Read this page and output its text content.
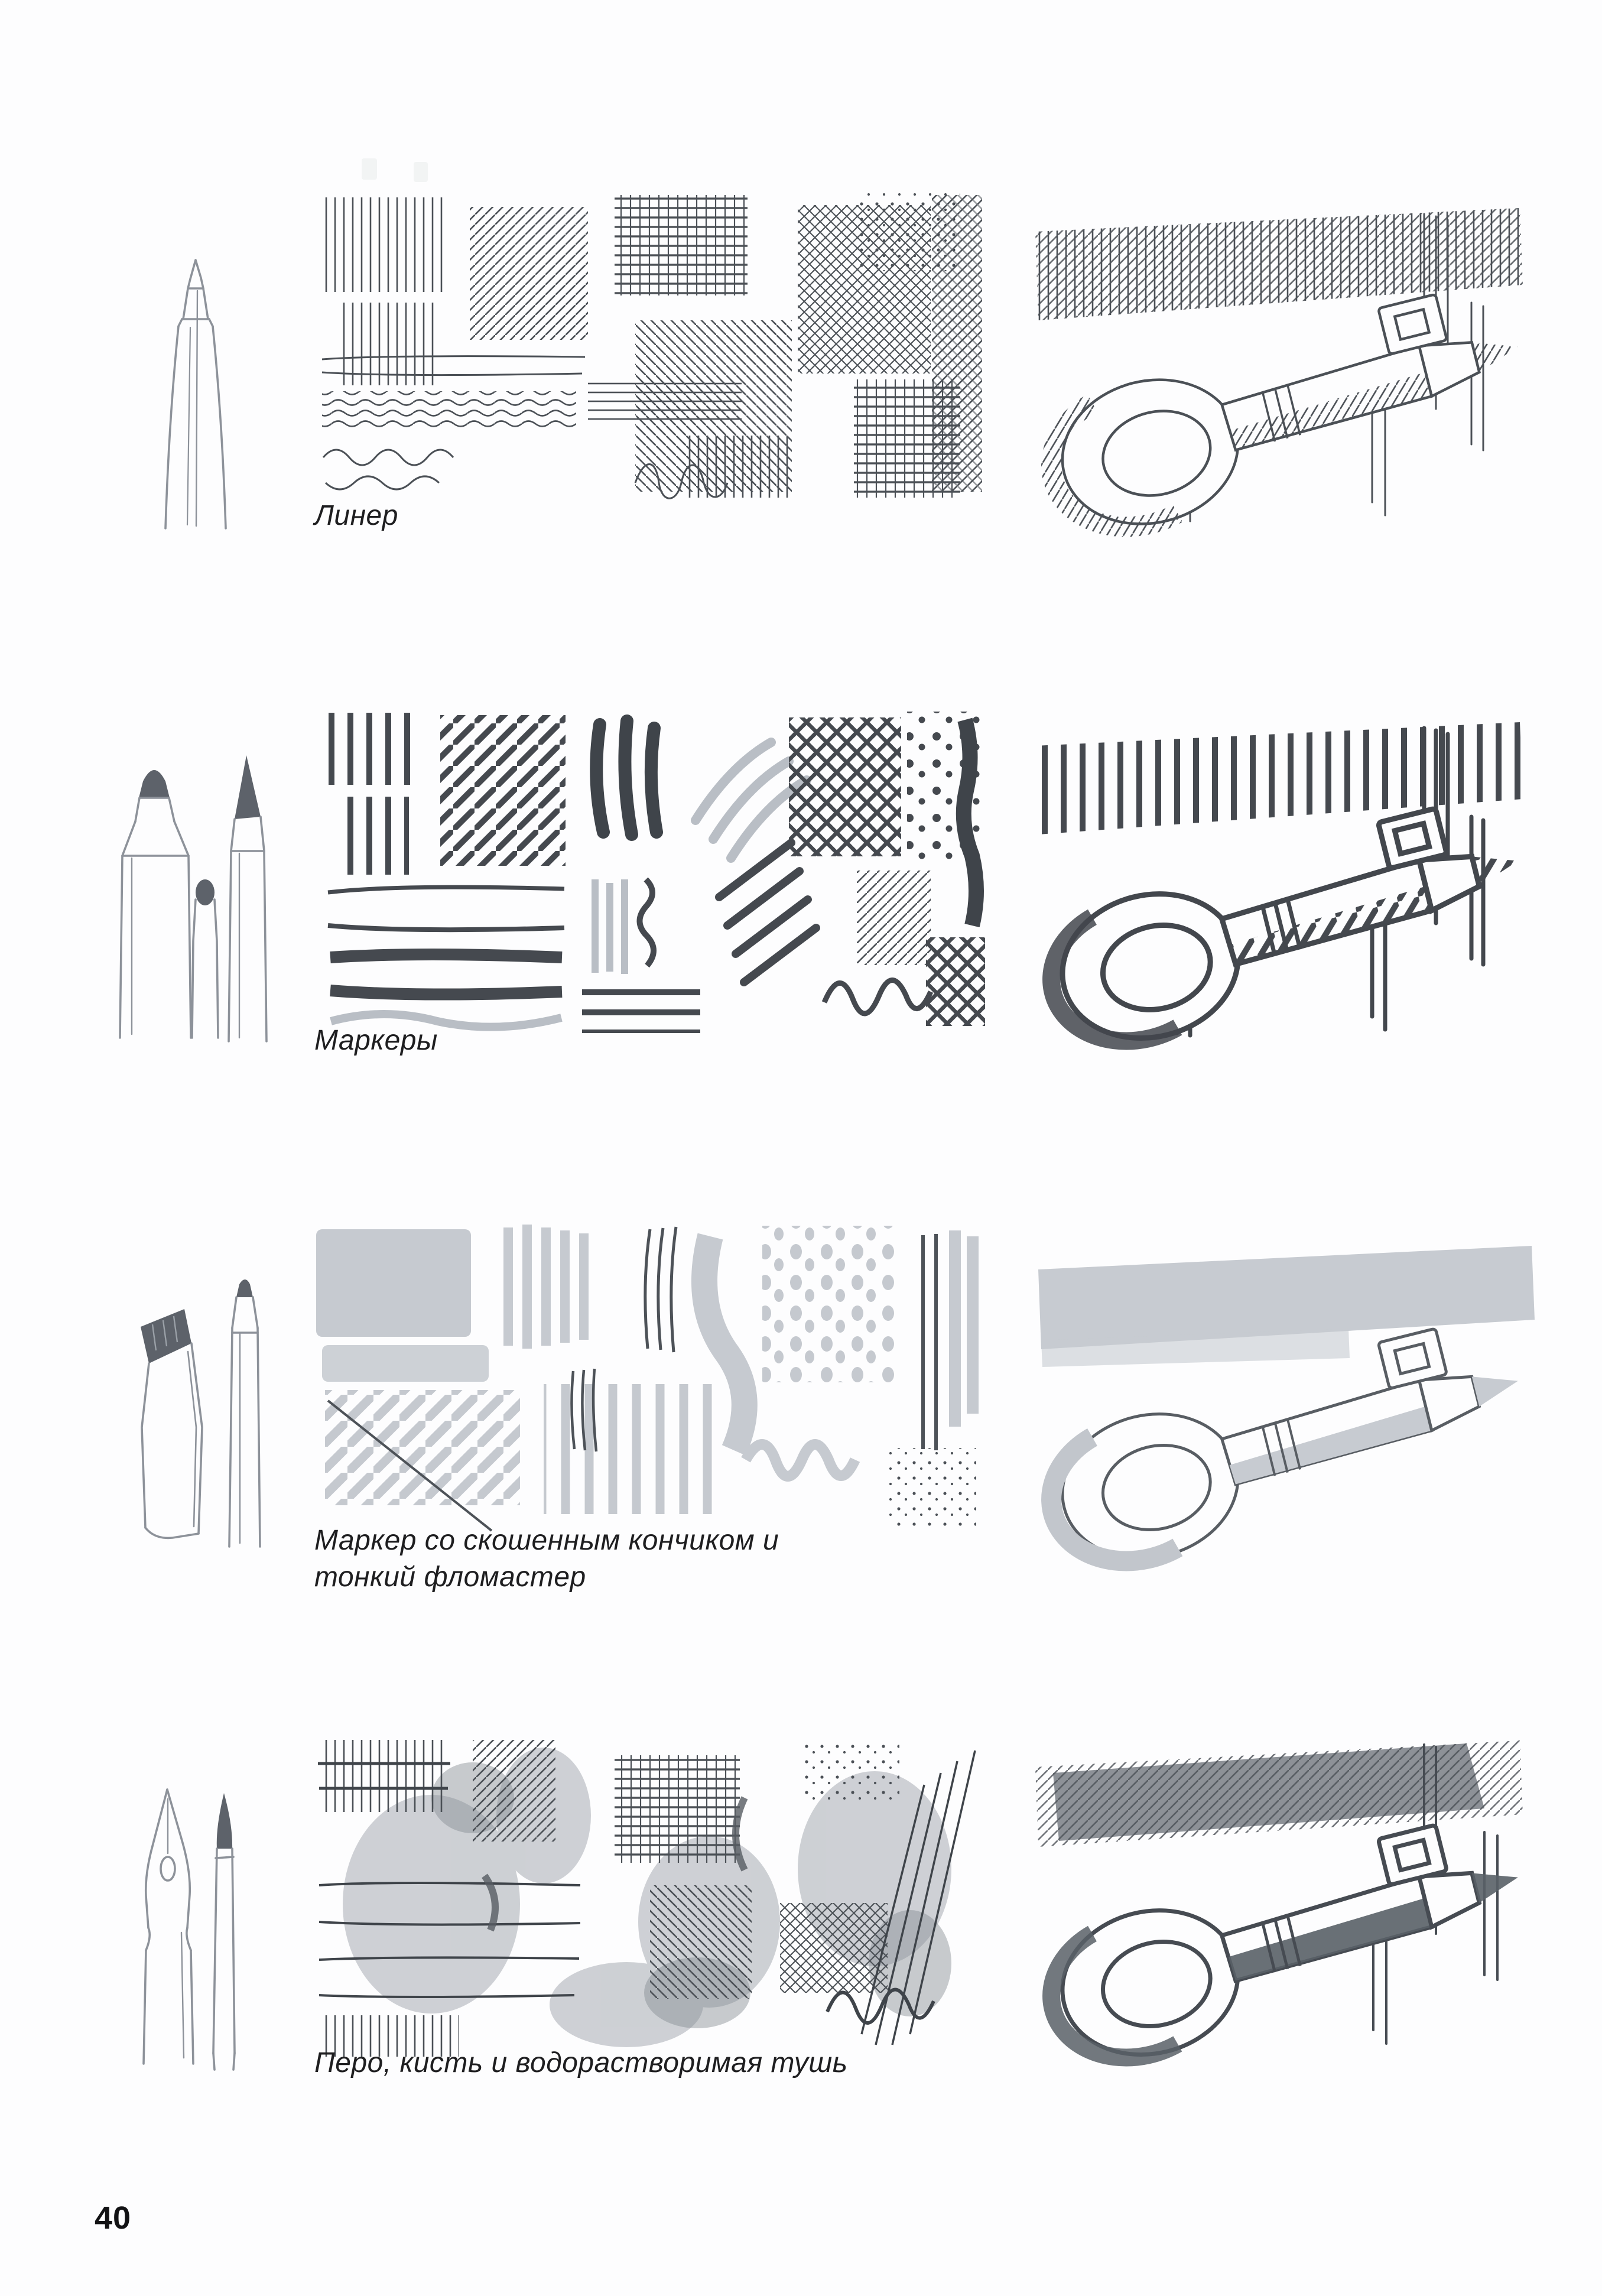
Линер
Маркеры
Маркер со скошенным кончиком и тонкий фломастер
Перо, кисть и водорастворимая тушь
40
